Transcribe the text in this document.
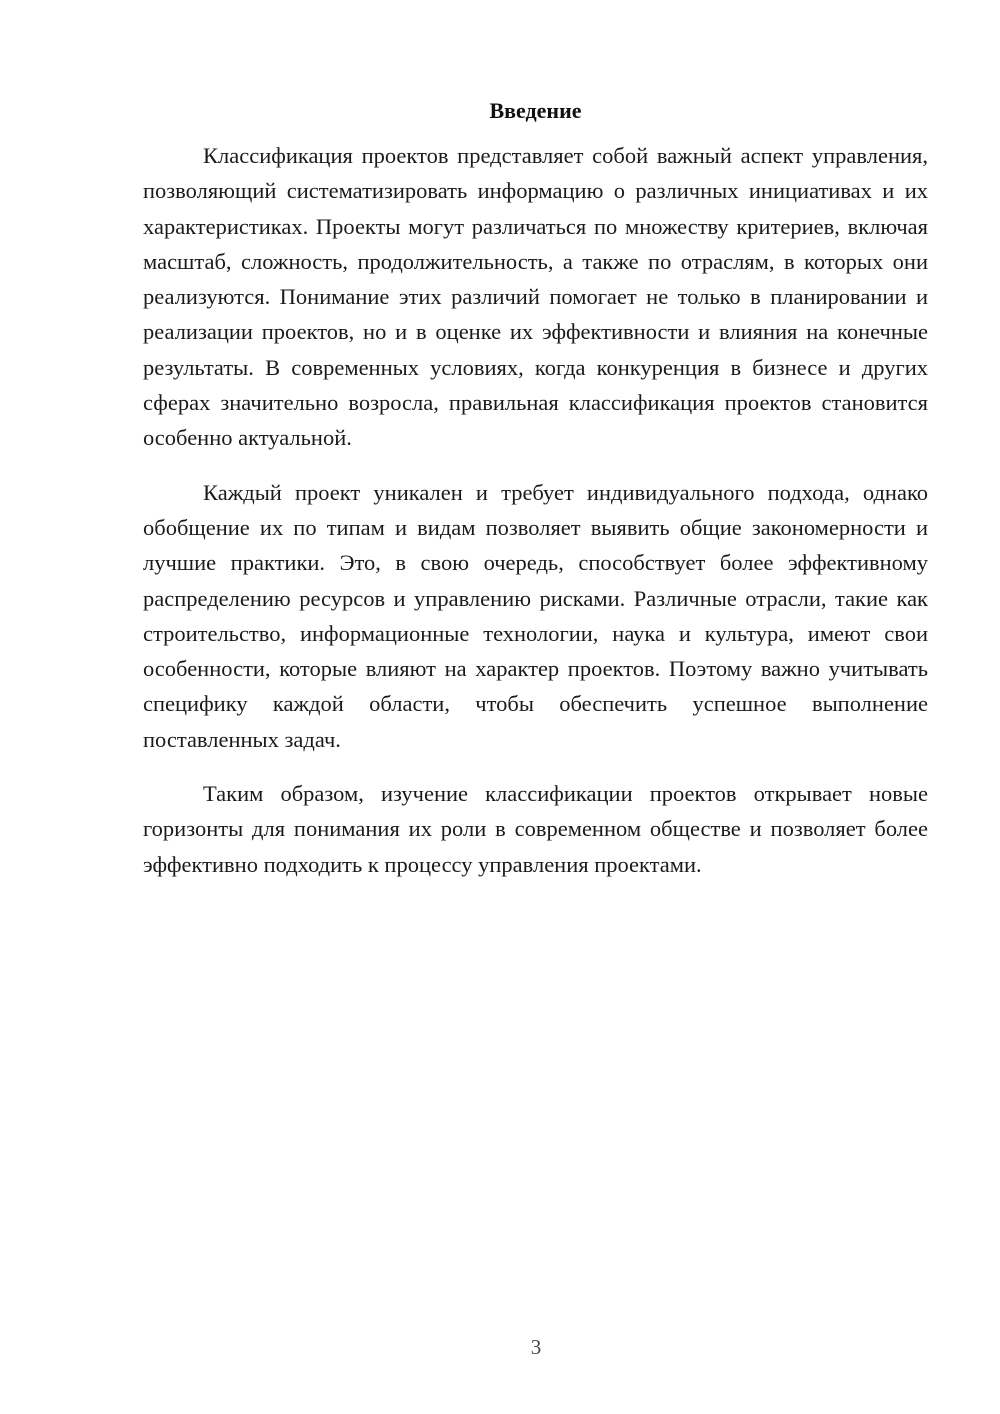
Введение

Классификация проектов представляет собой важный аспект управления, позволяющий систематизировать информацию о различных инициативах и их характеристиках. Проекты могут различаться по множеству критериев, включая масштаб, сложность, продолжительность, а также по отраслям, в которых они реализуются. Понимание этих различий помогает не только в планировании и реализации проектов, но и в оценке их эффективности и влияния на конечные результаты. В современных условиях, когда конкуренция в бизнесе и других сферах значительно возросла, правильная классификация проектов становится особенно актуальной.

Каждый проект уникален и требует индивидуального подхода, однако обобщение их по типам и видам позволяет выявить общие закономерности и лучшие практики. Это, в свою очередь, способствует более эффективному распределению ресурсов и управлению рисками. Различные отрасли, такие как строительство, информационные технологии, наука и культура, имеют свои особенности, которые влияют на характер проектов. Поэтому важно учитывать специфику каждой области, чтобы обеспечить успешное выполнение поставленных задач.

Таким образом, изучение классификации проектов открывает новые горизонты для понимания их роли в современном обществе и позволяет более эффективно подходить к процессу управления проектами.

3
